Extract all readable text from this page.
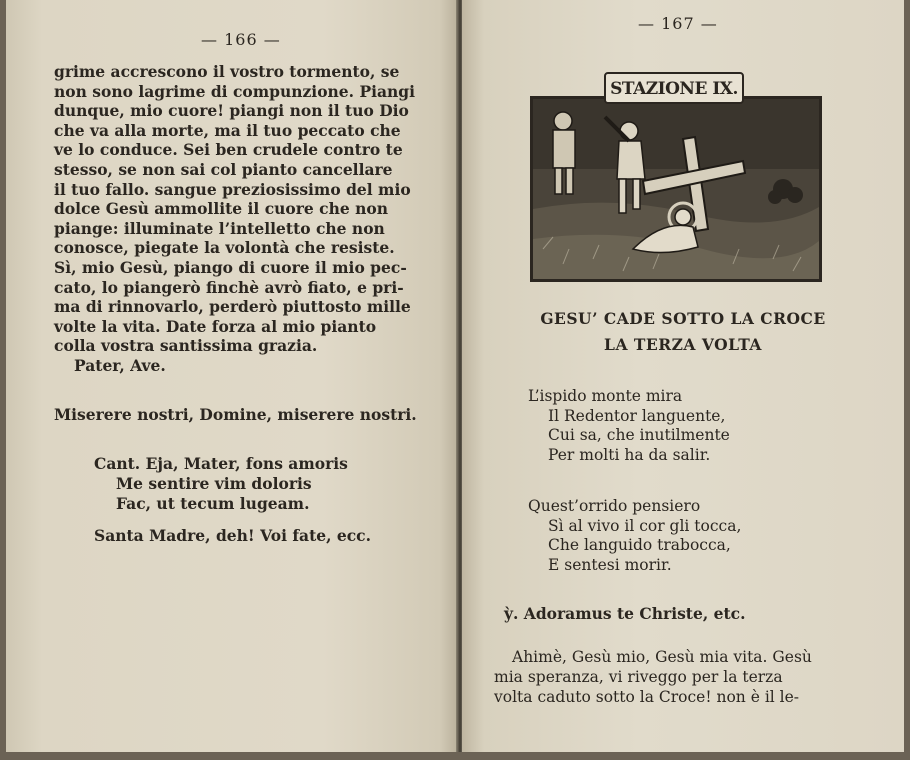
— 166 —

grime accrescono il vostro tormento, se

non sono lagrime di compunzione. Piangi

dunque, mio cuore! piangi non il tuo Dio

che va alla morte, ma il tuo peccato che

ve lo conduce. Sei ben crudele contro te

stesso, se non sai col pianto cancellare

il tuo fallo. sangue preziosissimo del mio

dolce Gesù ammollite il cuore che non

piange: illuminate l’intelletto che non

conosce, piegate la volontà che resiste.

Sì, mio Gesù, piango di cuore il mio pec-

cato, lo piangerò finchè avrò fiato, e pri-

ma di rinnovarlo, perderò piuttosto mille

volte la vita. Date forza al mio pianto

colla vostra santissima grazia.

Pater, Ave.

Miserere nostri, Domine, miserere nostri.
Cant. Eja, Mater, fons amoris
Me sentire vim doloris
Fac, ut tecum lugeam.
Santa Madre, deh! Voi fate, ecc.
— 167 —
STAZIONE IX.
GESU’ CADE SOTTO LA CROCE
LA TERZA VOLTA
L’ispido monte mira
Il Redentor languente,
Cui sa, che inutilmente
Per molti ha da salir.
Quest’orrido pensiero
Sì al vivo il cor gli tocca,
Che languido trabocca,
E sentesi morir.
ỳ. Adoramus te Christe, etc.
Ahimè, Gesù mio, Gesù mia vita. Gesù
mia speranza, vi riveggo per la terza
volta caduto sotto la Croce! non è il le-
